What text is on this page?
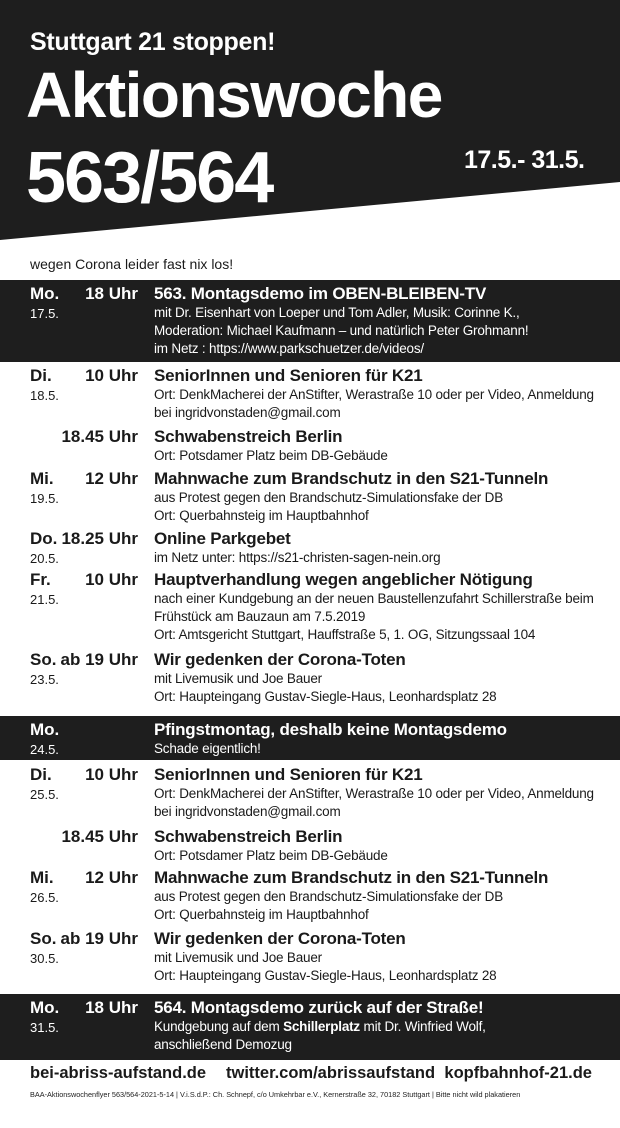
Stuttgart 21 stoppen!
Aktionswoche
563/564	17.5.- 31.5.
wegen Corona leider fast nix los!
Mo. 18 Uhr
17.5.
563. Montagsdemo im OBEN-BLEIBEN-TV
mit Dr. Eisenhart von Loeper und Tom Adler, Musik: Corinne K.,
Moderation: Michael Kaufmann – und natürlich Peter Grohmann!
im Netz : https://www.parkschuetzer.de/videos/
Di. 10 Uhr
18.5.
SeniorInnen und Senioren für K21
Ort: DenkMacherei der AnStifter, Werastraße 10 oder per Video, Anmeldung
bei ingridvonstaden@gmail.com
18.45 Uhr Schwabenstreich Berlin
Ort: Potsdamer Platz beim DB-Gebäude
Mi. 12 Uhr
19.5.
Mahnwache zum Brandschutz in den S21-Tunneln
aus Protest gegen den Brandschutz-Simulationsfake der DB
Ort: Querbahnsteig im Hauptbahnhof
Do. 18.25 Uhr
20.5.
Online Parkgebet
im Netz unter: https://s21-christen-sagen-nein.org
Fr. 10 Uhr
21.5.
Hauptverhandlung wegen angeblicher Nötigung
nach einer Kundgebung an der neuen Baustellenzufahrt Schillerstraße beim
Frühstück am Bauzaun am 7.5.2019
Ort: Amtsgericht Stuttgart, Hauffstraße 5, 1. OG, Sitzungssaal 104
So. ab 19 Uhr
23.5.
Wir gedenken der Corona-Toten
mit Livemusik und Joe Bauer
Ort: Haupteingang Gustav-Siegle-Haus, Leonhardsplatz 28
Mo.
24.5.
Pfingstmontag, deshalb keine Montagsdemo
Schade eigentlich!
Di. 10 Uhr
25.5.
SeniorInnen und Senioren für K21
Ort: DenkMacherei der AnStifter, Werastraße 10 oder per Video, Anmeldung
bei ingridvonstaden@gmail.com
18.45 Uhr Schwabenstreich Berlin
Ort: Potsdamer Platz beim DB-Gebäude
Mi. 12 Uhr
26.5.
Mahnwache zum Brandschutz in den S21-Tunneln
aus Protest gegen den Brandschutz-Simulationsfake der DB
Ort: Querbahnsteig im Hauptbahnhof
So. ab 19 Uhr
30.5.
Wir gedenken der Corona-Toten
mit Livemusik und Joe Bauer
Ort: Haupteingang Gustav-Siegle-Haus, Leonhardsplatz 28
Mo. 18 Uhr
31.5.
564. Montagsdemo zurück auf der Straße!
Kundgebung auf dem Schillerplatz mit Dr. Winfried Wolf,
anschließend Demozug
bei-abriss-aufstand.de twitter.com/abrissaufstand kopfbahnhof-21.de
BAA-Aktionswochenflyer 563/564-2021-5-14 | V.i.S.d.P.: Ch. Schnepf, c/o Umkehrbar e.V., Kernerstraße 32, 70182 Stuttgart | Bitte nicht wild plakatieren
